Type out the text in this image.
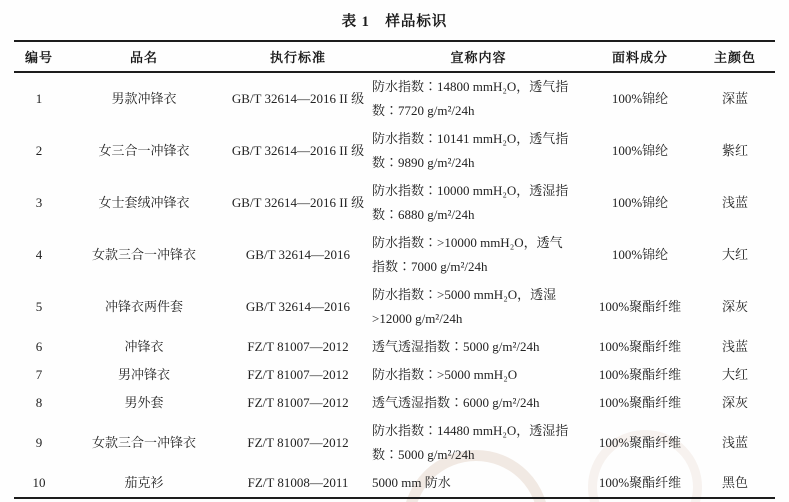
表 1　样品标识
编号	品名	执行标准	宣称内容	面料成分	主颜色
1	男款冲锋衣	GB/T 32614—2016 II 级	防水指数∶14800 mmH₂O，透气指数∶7720 g/m²/24h	100%锦纶	深蓝
2	女三合一冲锋衣	GB/T 32614—2016 II 级	防水指数∶10141 mmH₂O，透气指数∶9890 g/m²/24h	100%锦纶	紫红
3	女士套绒冲锋衣	GB/T 32614—2016 II 级	防水指数∶10000 mmH₂O，透湿指数∶6880 g/m²/24h	100%锦纶	浅蓝
4	女款三合一冲锋衣	GB/T 32614—2016	防水指数∶>10000 mmH₂O，透气指数∶7000 g/m²/24h	100%锦纶	大红
5	冲锋衣两件套	GB/T 32614—2016	防水指数∶>5000 mmH₂O，透湿>12000 g/m²/24h	100%聚酯纤维	深灰
6	冲锋衣	FZ/T 81007—2012	透气透湿指数∶5000 g/m²/24h	100%聚酯纤维	浅蓝
7	男冲锋衣	FZ/T 81007—2012	防水指数∶>5000 mmH₂O	100%聚酯纤维	大红
8	男外套	FZ/T 81007—2012	透气透湿指数∶6000 g/m²/24h	100%聚酯纤维	深灰
9	女款三合一冲锋衣	FZ/T 81007—2012	防水指数∶14480 mmH₂O，透湿指数∶5000 g/m²/24h	100%聚酯纤维	浅蓝
10	茄克衫	FZ/T 81008—2011	5000 mm 防水	100%聚酯纤维	黑色
